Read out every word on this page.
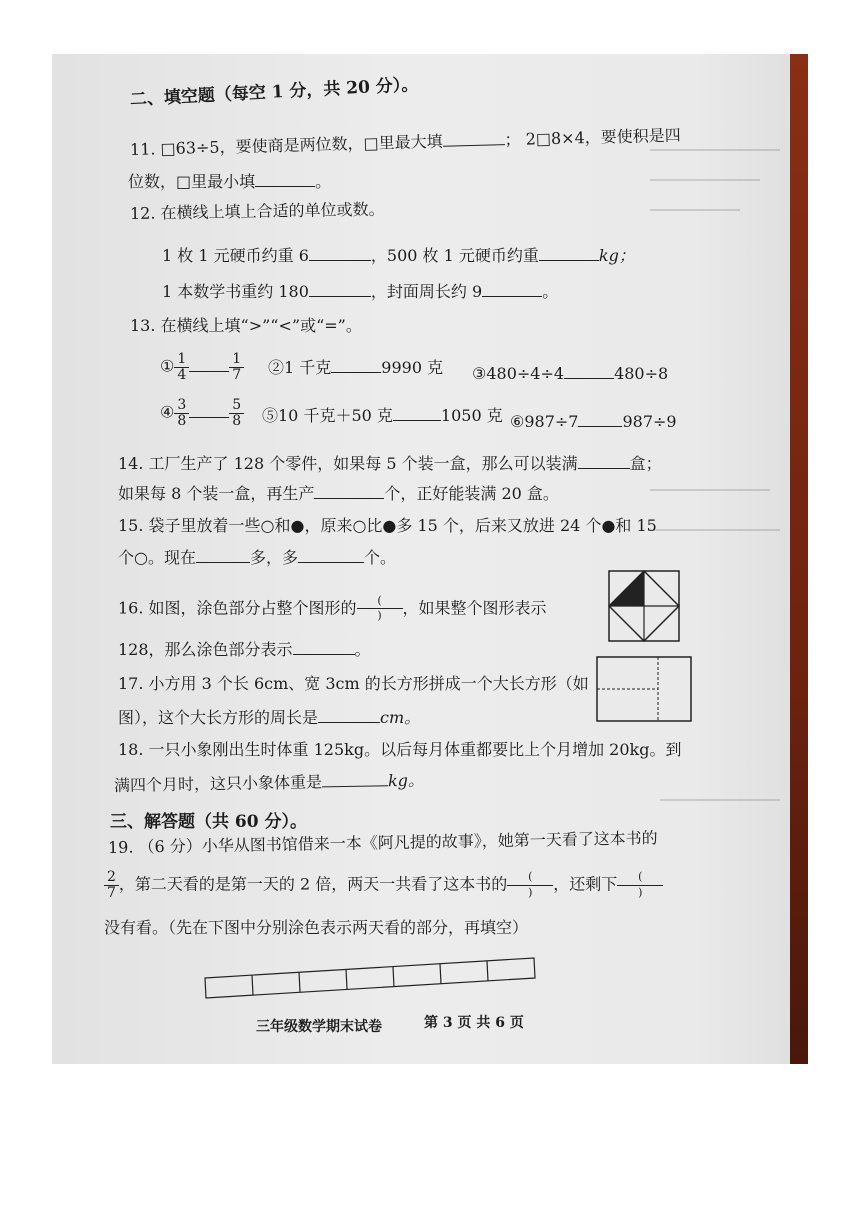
二、填空题（每空 1 分，共 20 分）。
11. □63÷5，要使商是两位数，□里最大填	； 2□8×4，要使积是四
位数，□里最小填	。
12. 在横线上填上合适的单位或数。
1 枚 1 元硬币约重 6	，500 枚 1 元硬币约重	kg；
1 本数学书重约 180	，封面周长约 9	。
13. 在横线上填“>”“<”或“=”。
① $\frac{1}{4}$	$\frac{1}{7}$ ②1 千克	9990 克 ③480÷4÷4	480÷8
④ $\frac{3}{8}$	$\frac{5}{8}$ ⑤10 千克＋50 克	1050 克 ⑥987÷7	987÷9
14. 工厂生产了 128 个零件，如果每 5 个装一盒，那么可以装满	盒；
如果每 8 个装一盒，再生产	个，正好能装满 20 盒。
15. 袋子里放着一些○和●，原来○比●多 15 个，后来又放进 24 个●和 15
个○。现在	多，多	个。
16. 如图，涂色部分占整个图形的	(
)	，如果整个图形表示
128，那么涂色部分表示	。
17. 小方用 3 个长 6cm、宽 3cm 的长方形拼成一个大长方形（如
图），这个大长方形的周长是	cm。
18. 一只小象刚出生时体重 125kg。以后每月体重都要比上个月增加 20kg。到
满四个月时，这只小象体重是	kg。
三、解答题（共 60 分）。
19. （6 分）小华从图书馆借来一本《阿凡提的故事》，她第一天看了这本书的
$\frac{2}{7}$ ，第二天看的是第一天的 2 倍，两天一共看了这本书的	(
)	，还剩下	(
)
没有看。（先在下图中分别涂色表示两天看的部分，再填空）
三年级数学期末试卷	第 3 页 共 6 页
